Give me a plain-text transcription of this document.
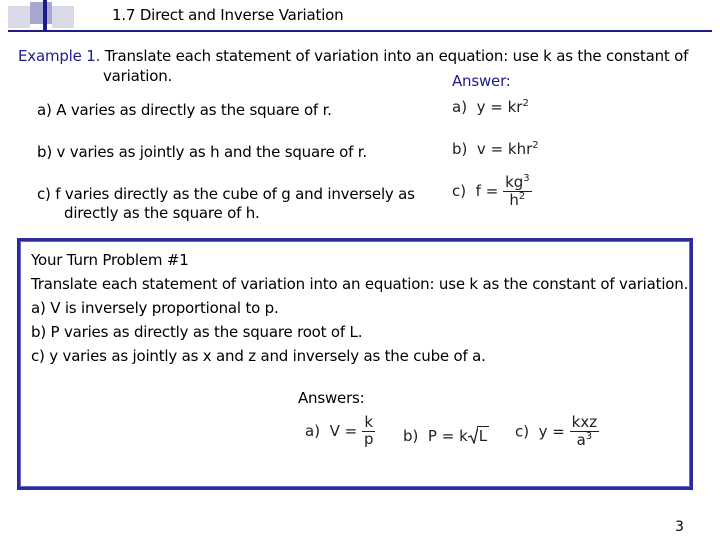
1.7 Direct and Inverse Variation
Example 1. Translate each statement of variation into an equation: use k as the constant of
variation.	Answer:
a) A varies as directly as the square of r.
b) v varies as jointly as h and the square of r.
c) f varies directly as the cube of g and inversely as
directly as the square of h.
a) $y = kr^2$
b) v = khr$^2$
c) $f = \frac{kg^3}{h^2}$
Your Turn Problem #1
Translate each statement of variation into an equation: use k as the constant of variation.
a) V is inversely proportional to p.
b) P varies as directly as the square root of L.
c) y varies as jointly as x and z and inversely as the cube of a.
Answers:
a) $V = \frac{k}{p} b$) P = k L c) $y = \frac{\text{kxz}}{a^3}$
3
